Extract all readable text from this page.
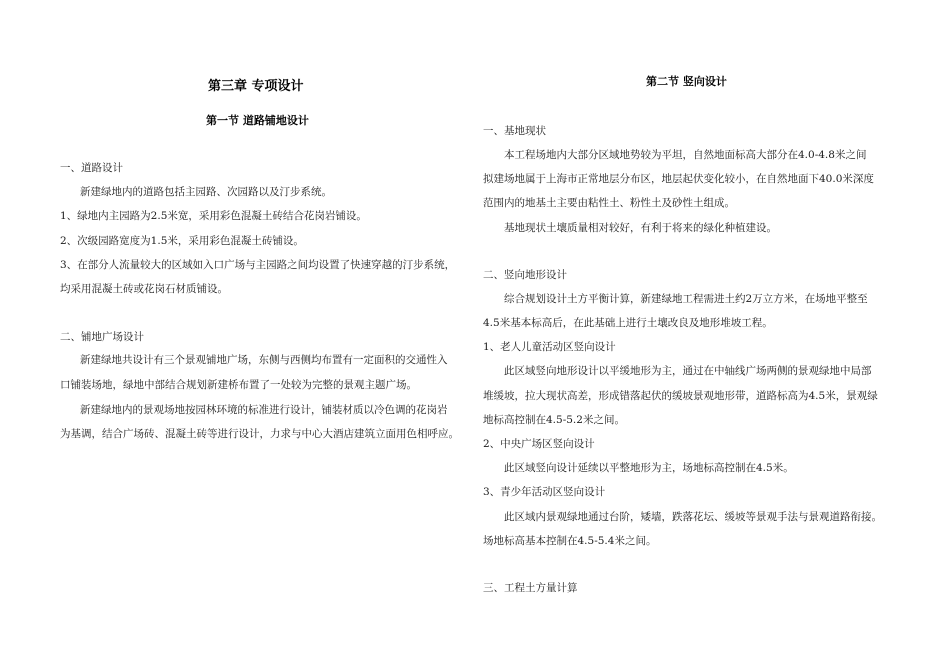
第三章 专项设计
第一节 道路铺地设计
一、道路设计
新建绿地内的道路包括主园路、次园路以及汀步系统。
1、绿地内主园路为2.5米宽，采用彩色混凝土砖结合花岗岩铺设。
2、次级园路宽度为1.5米，采用彩色混凝土砖铺设。
3、在部分人流量较大的区域如入口广场与主园路之间均设置了快速穿越的汀步系统，
均采用混凝土砖或花岗石材质铺设。
二、铺地广场设计
新建绿地共设计有三个景观铺地广场，东侧与西侧均布置有一定面积的交通性入
口铺装场地，绿地中部结合规划新建桥布置了一处较为完整的景观主题广场。
新建绿地内的景观场地按园林环境的标准进行设计，铺装材质以冷色调的花岗岩
为基调，结合广场砖、混凝土砖等进行设计，力求与中心大酒店建筑立面用色相呼应。
第二节 竖向设计
一、基地现状
本工程场地内大部分区域地势较为平坦，自然地面标高大部分在4.0-4.8米之间
拟建场地属于上海市正常地层分布区，地层起伏变化较小，在自然地面下40.0米深度
范围内的地基土主要由粘性土、粉性土及砂性土组成。
基地现状土壤质量相对较好，有利于将来的绿化种植建设。
二、竖向地形设计
综合规划设计土方平衡计算，新建绿地工程需进土约2万立方米，在场地平整至
4.5米基本标高后，在此基础上进行土壤改良及地形堆坡工程。
1、老人儿童活动区竖向设计
此区域竖向地形设计以平缓地形为主，通过在中轴线广场两侧的景观绿地中局部
堆缓坡，拉大现状高差，形成错落起伏的缓坡景观地形带，道路标高为4.5米，景观绿
地标高控制在4.5-5.2米之间。
2、中央广场区竖向设计
此区域竖向设计延续以平整地形为主，场地标高控制在4.5米。
3、青少年活动区竖向设计
此区域内景观绿地通过台阶，矮墙，跌落花坛、缓坡等景观手法与景观道路衔接。
场地标高基本控制在4.5-5.4米之间。
三、工程土方量计算
